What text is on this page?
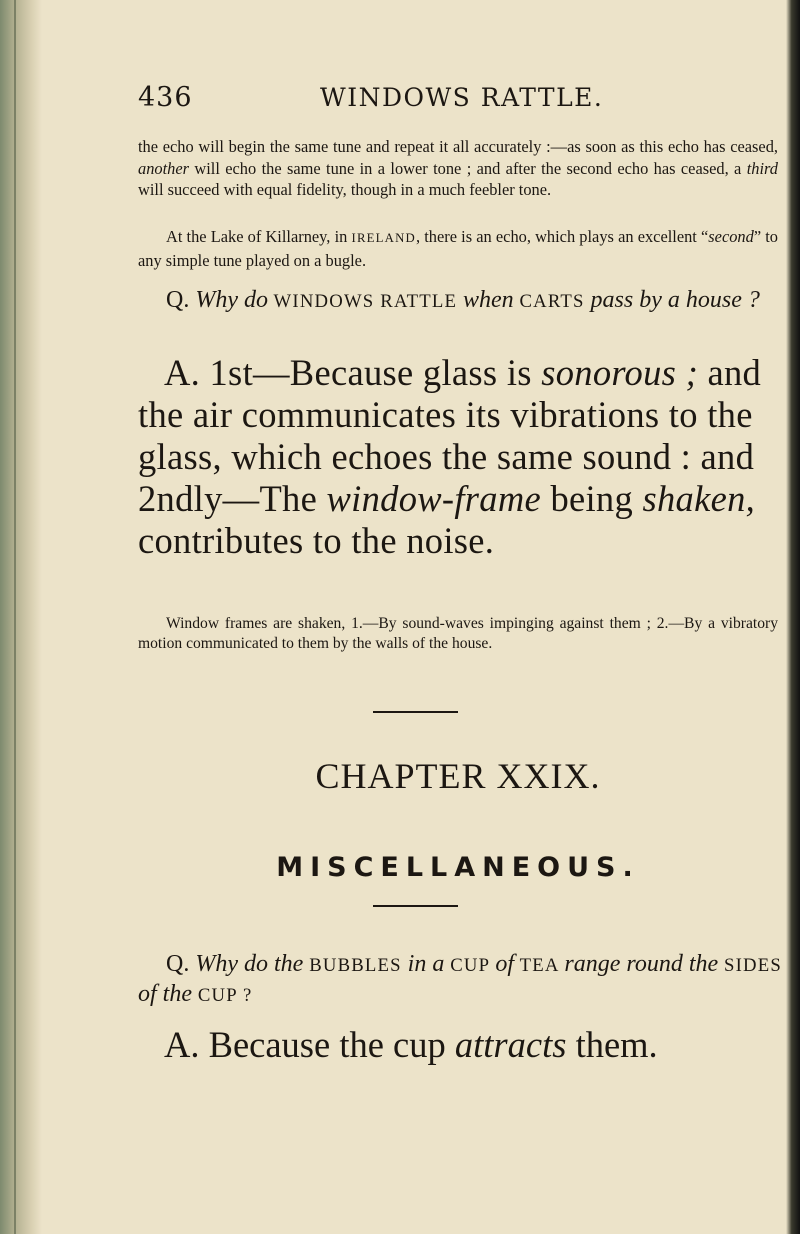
436	WINDOWS RATTLE.

the echo will begin the same tune and repeat it all accurately :—as soon as this echo has ceased, another will echo the same tune in a lower tone ; and after the second echo has ceased, a third will succeed with equal fidelity, though in a much feebler tone.

At the Lake of Killarney, in IRELAND, there is an echo, which plays an excellent “second” to any simple tune played on a bugle.

Q. Why do WINDOWS RATTLE when CARTS pass by a house ?

A. 1st—Because glass is sonorous ; and the air communicates its vibrations to the glass, which echoes the same sound : and 2ndly—The window-frame being shaken, contributes to the noise.

Window frames are shaken, 1.—By sound-waves impinging against them ; 2.—By a vibratory motion communicated to them by the walls of the house.

CHAPTER XXIX.
MISCELLANEOUS.

Q. Why do the BUBBLES in a CUP of TEA range round the SIDES of the CUP ?

A. Because the cup attracts them.
